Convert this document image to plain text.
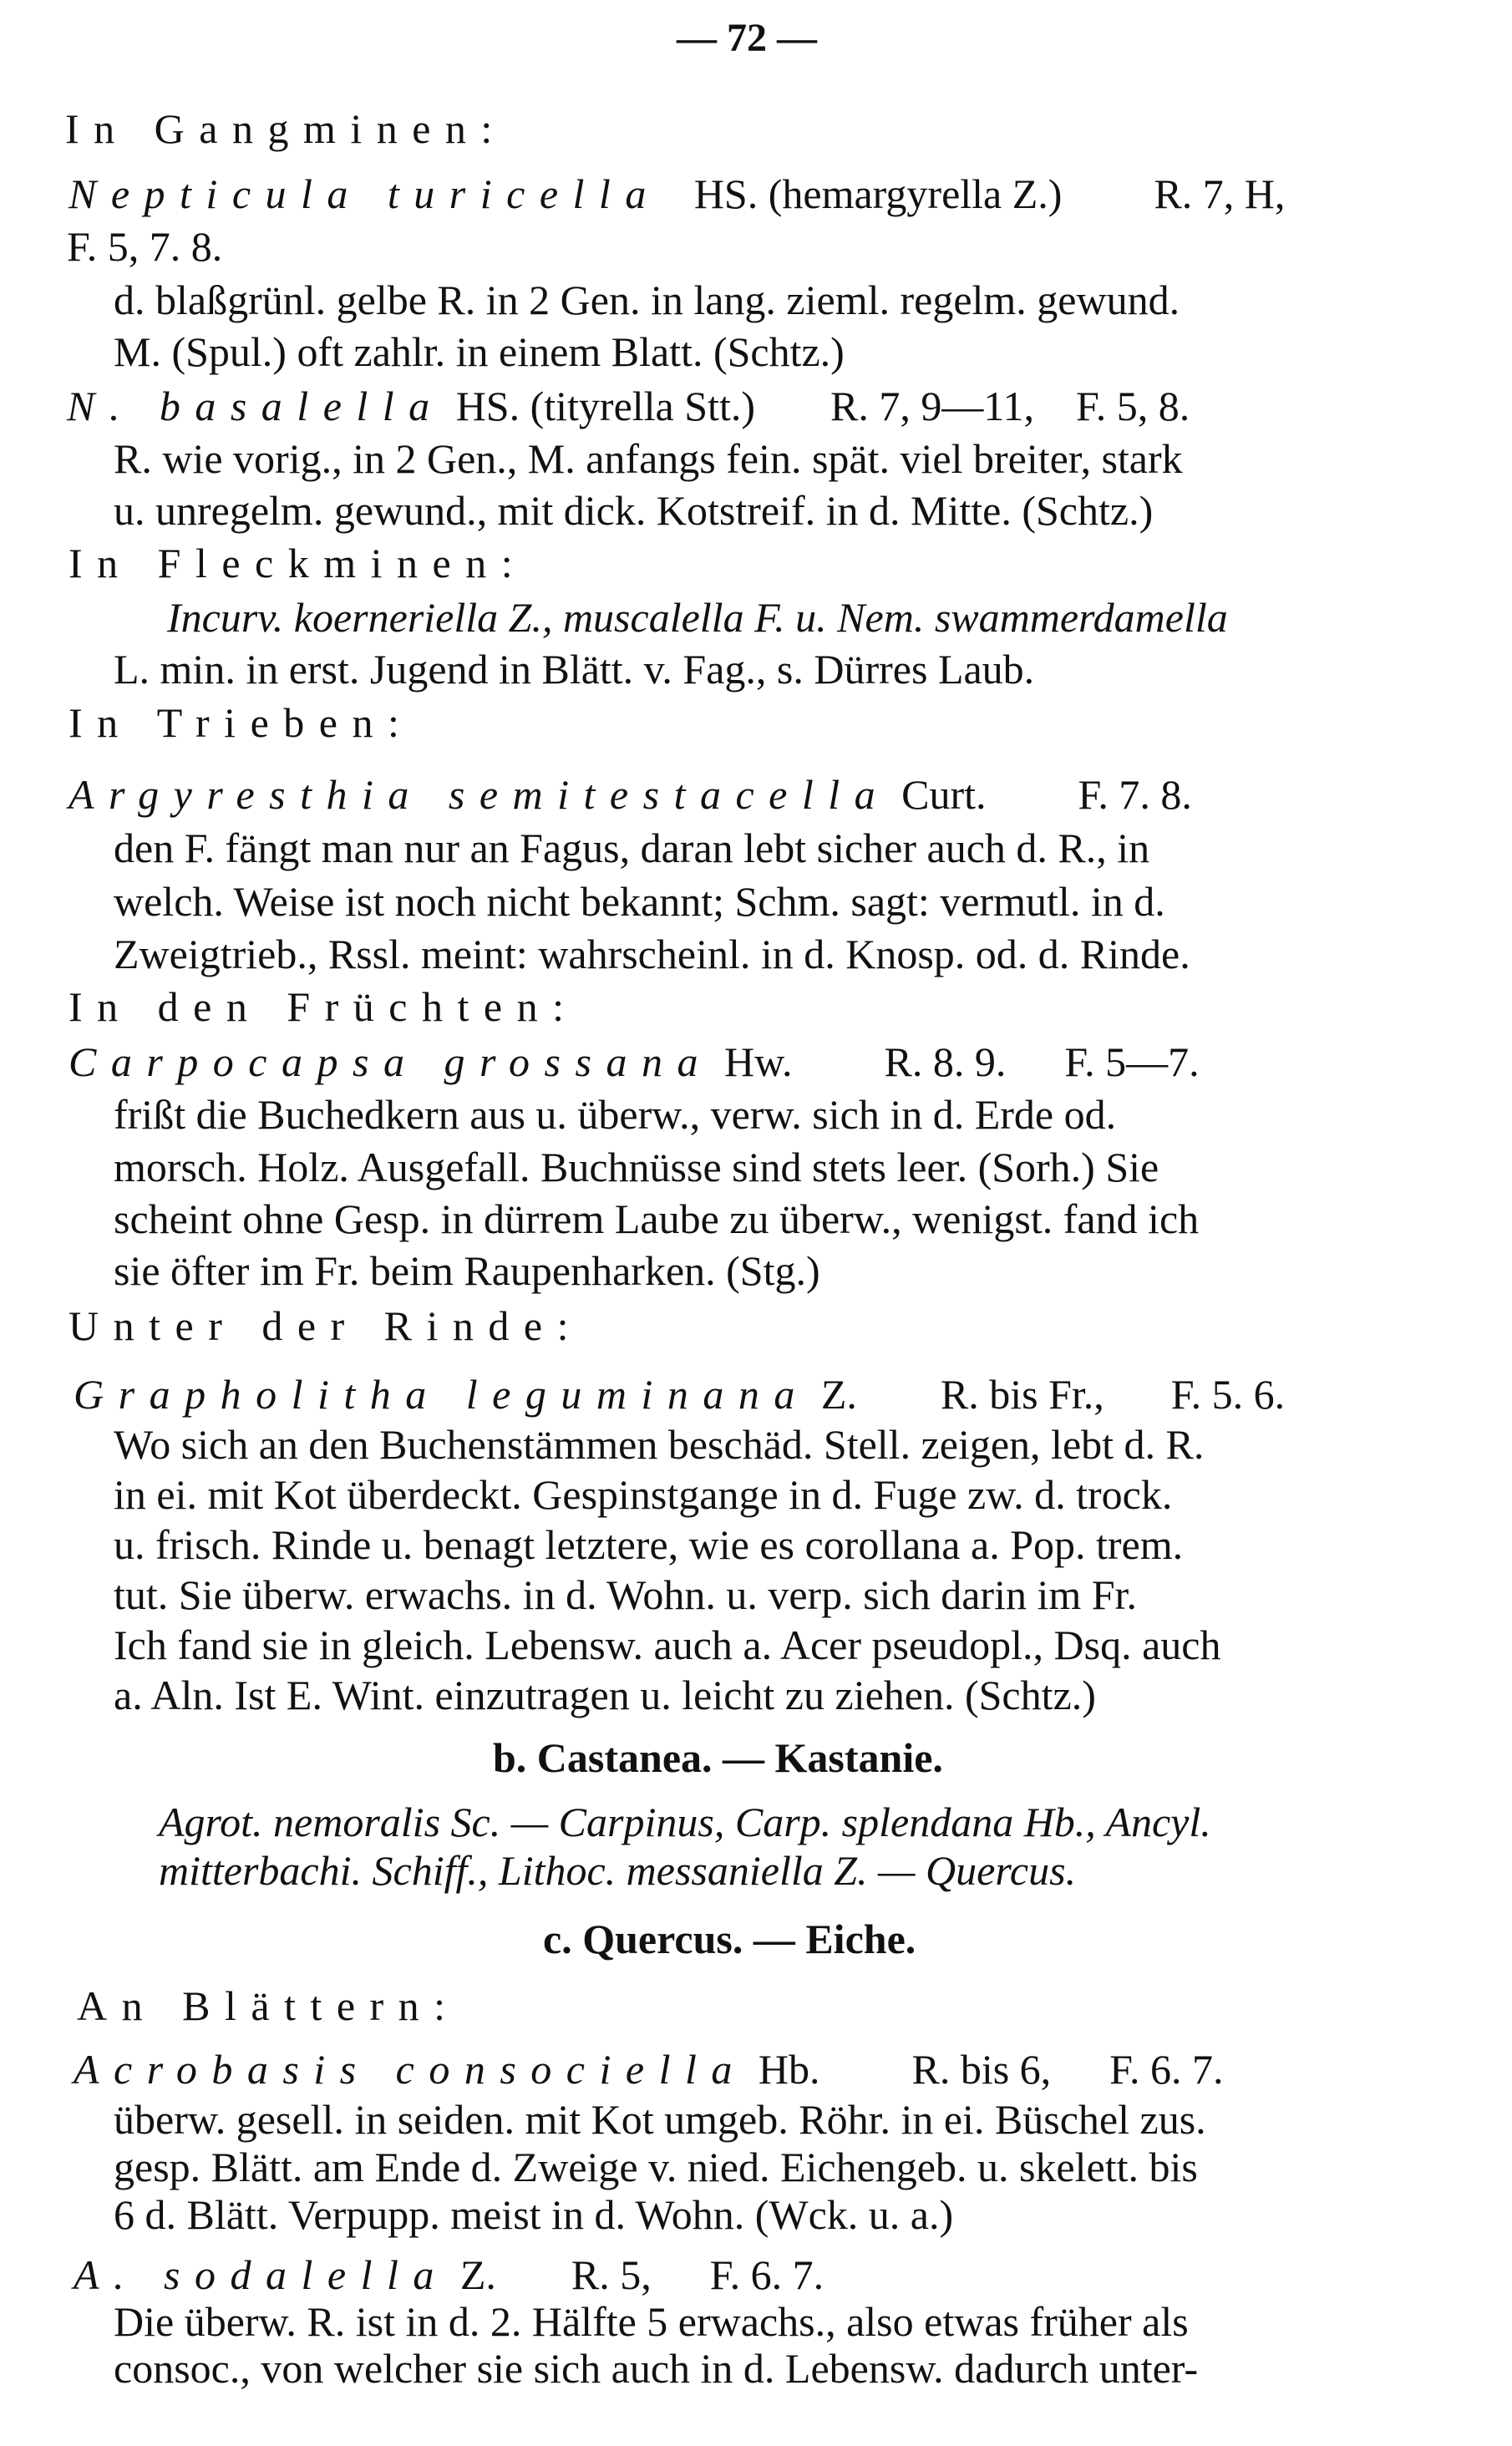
— 72 —
In Gangminen:
Nepticula turicella HS. (hemargyrella Z.) R. 7, H,
F. 5, 7. 8.
d. blaßgrünl. gelbe R. in 2 Gen. in lang. zieml. regelm. gewund.
M. (Spul.) oft zahlr. in einem Blatt. (Schtz.)
N. basalella HS. (tityrella Stt.) R. 7, 9—11, F. 5, 8.
R. wie vorig., in 2 Gen., M. anfangs fein. spät. viel breiter, stark
u. unregelm. gewund., mit dick. Kotstreif. in d. Mitte. (Schtz.)
In Fleckminen:
Incurv. koerneriella Z., muscalella F. u. Nem. swammerdamella
L. min. in erst. Jugend in Blätt. v. Fag., s. Dürres Laub.
In Trieben:
Argyresthia semitestacella Curt. F. 7. 8.
den F. fängt man nur an Fagus, daran lebt sicher auch d. R., in
welch. Weise ist noch nicht bekannt; Schm. sagt: vermutl. in d.
Zweigtrieb., Rssl. meint: wahrscheinl. in d. Knosp. od. d. Rinde.
In den Früchten:
Carpocapsa grossana Hw. R. 8. 9. F. 5—7.
frißt die Buchedkern aus u. überw., verw. sich in d. Erde od.
morsch. Holz. Ausgefall. Buchnüsse sind stets leer. (Sorh.) Sie
scheint ohne Gesp. in dürrem Laube zu überw., wenigst. fand ich
sie öfter im Fr. beim Raupenharken. (Stg.)
Unter der Rinde:
Grapholitha leguminana Z. R. bis Fr., F. 5. 6.
Wo sich an den Buchenstämmen beschäd. Stell. zeigen, lebt d. R.
in ei. mit Kot überdeckt. Gespinstgange in d. Fuge zw. d. trock.
u. frisch. Rinde u. benagt letztere, wie es corollana a. Pop. trem.
tut. Sie überw. erwachs. in d. Wohn. u. verp. sich darin im Fr.
Ich fand sie in gleich. Lebensw. auch a. Acer pseudopl., Dsq. auch
a. Aln. Ist E. Wint. einzutragen u. leicht zu ziehen. (Schtz.)
b. Castanea. — Kastanie.
Agrot. nemoralis Sc. — Carpinus, Carp. splendana Hb., Ancyl.
mitterbachi. Schiff., Lithoc. messaniella Z. — Quercus.
c. Quercus. — Eiche.
An Blättern:
Acrobasis consociella Hb. R. bis 6, F. 6. 7.
überw. gesell. in seiden. mit Kot umgeb. Röhr. in ei. Büschel zus.
gesp. Blätt. am Ende d. Zweige v. nied. Eichengeb. u. skelett. bis
6 d. Blätt. Verpupp. meist in d. Wohn. (Wck. u. a.)
A. sodalella Z. R. 5, F. 6. 7.
Die überw. R. ist in d. 2. Hälfte 5 erwachs., also etwas früher als
consoc., von welcher sie sich auch in d. Lebensw. dadurch unter-
